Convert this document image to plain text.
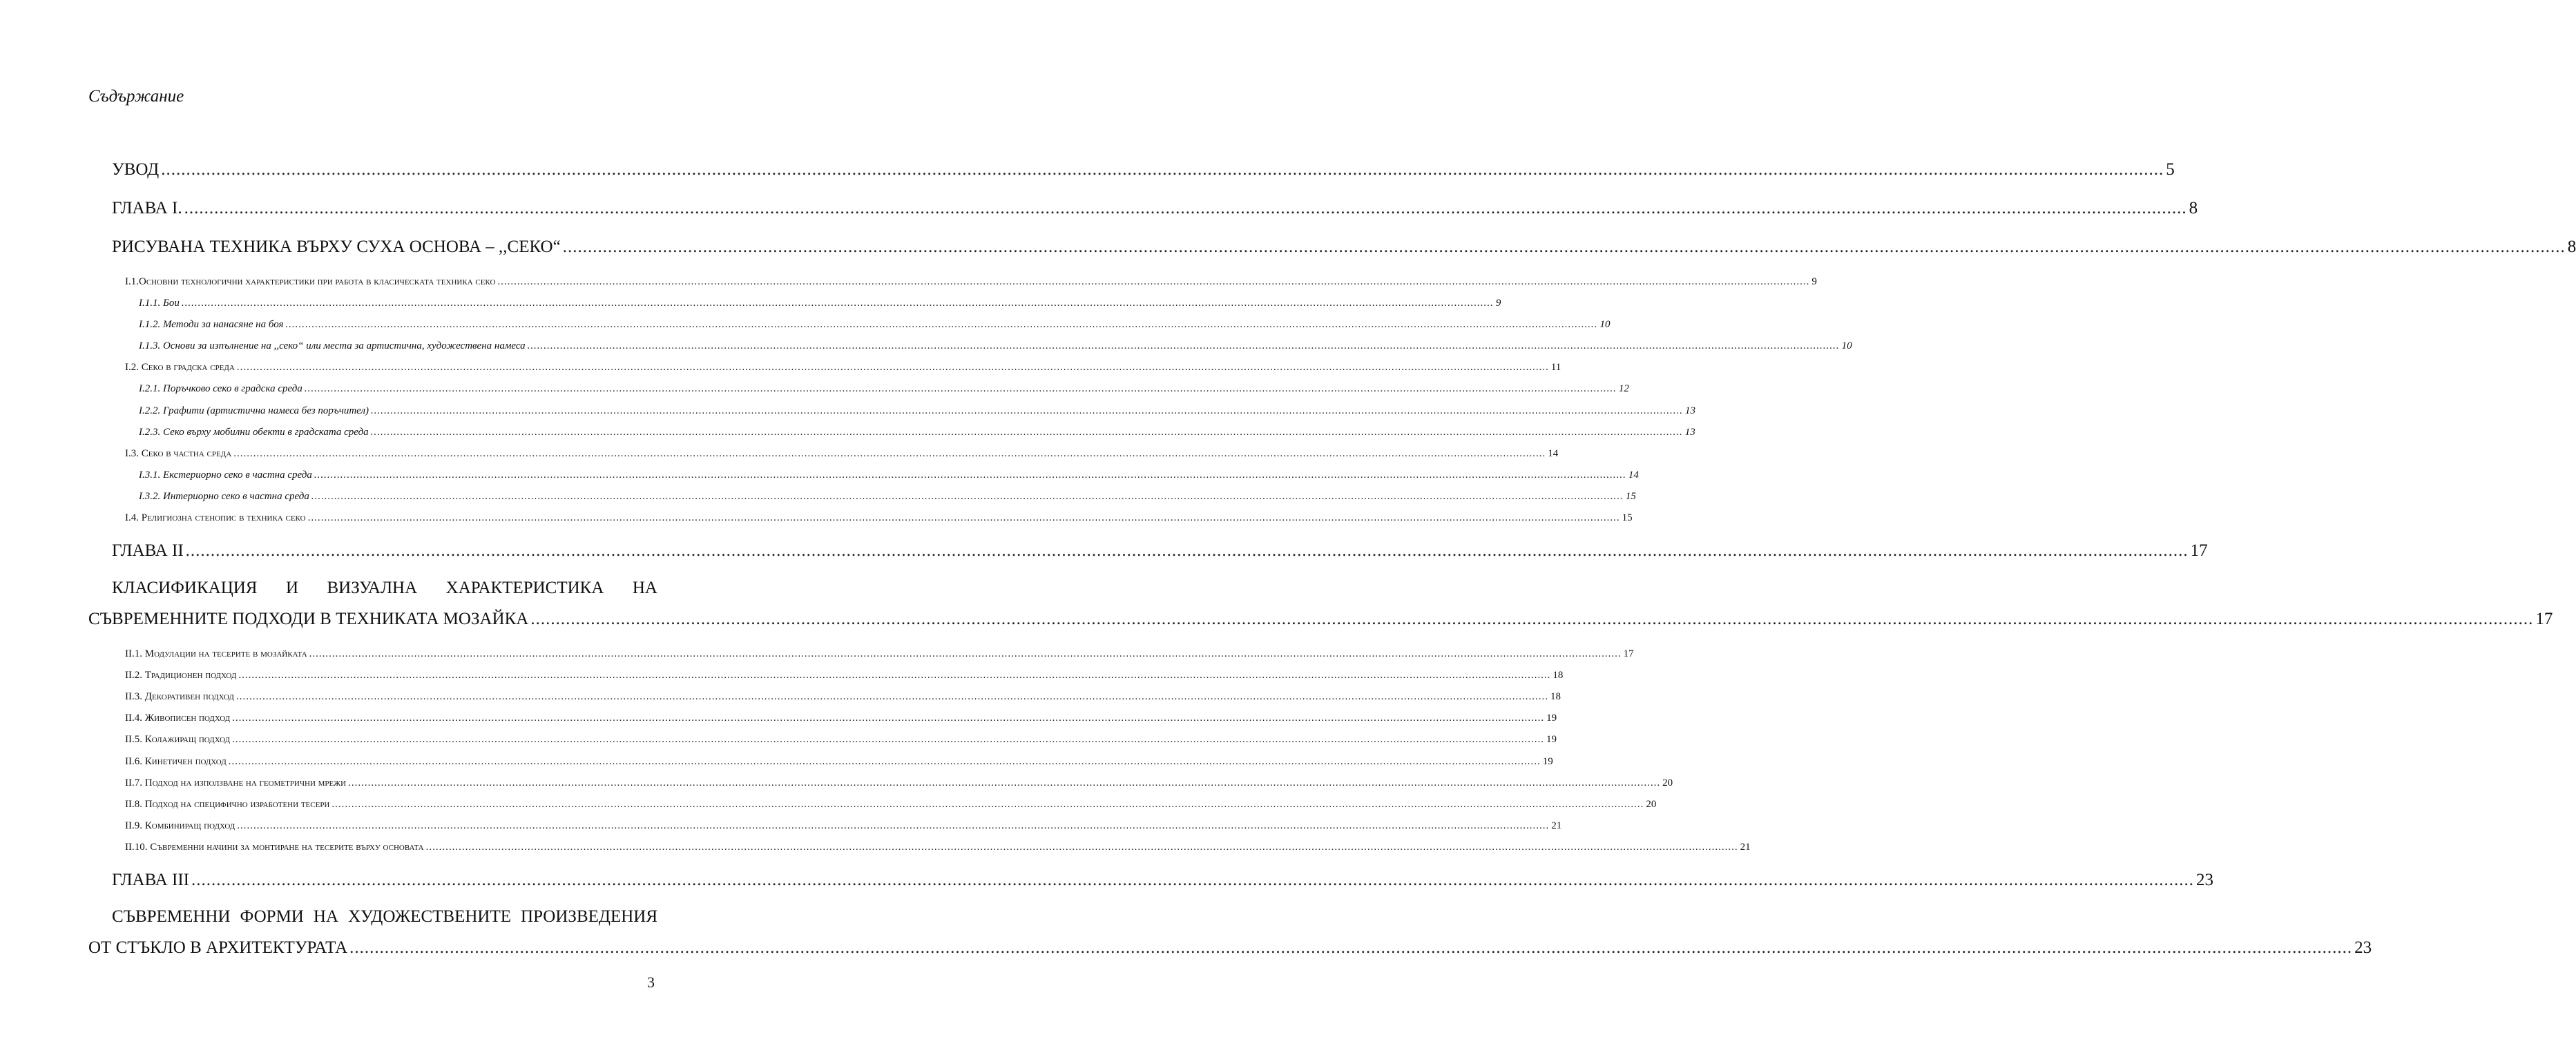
Съдържание
УВОД ................................................................................................................................................................................................................................................................................................................................................................................................................ 5
ГЛАВА I. ................................................................................................................................................................................................................................................................................................................................................................................................................ 8
РИСУВАНА ТЕХНИКА ВЪРХУ СУХА ОСНОВА – ,,СЕКО“ ................................................................................................................................................................................................................................................................................................................................................................................................................ 8
I.1.Основни технологични характеристики при работа в класическата техника секо ................................................................................................................................................................................................................................................................................................................................................................................................................ 9
I.1.1. Бои ................................................................................................................................................................................................................................................................................................................................................................................................................ 9
I.1.2. Методи за нанасяне на боя ................................................................................................................................................................................................................................................................................................................................................................................................................ 10
I.1.3. Основи за изпълнение на ,,секо“ или места за артистична, художествена намеса ................................................................................................................................................................................................................................................................................................................................................................................................................ 10
I.2. Секо в градска среда ................................................................................................................................................................................................................................................................................................................................................................................................................ 11
I.2.1. Поръчково секо в градска среда ................................................................................................................................................................................................................................................................................................................................................................................................................ 12
I.2.2. Графити (артистична намеса без поръчител) ................................................................................................................................................................................................................................................................................................................................................................................................................ 13
I.2.3. Секо върху мобилни обекти в градската среда ................................................................................................................................................................................................................................................................................................................................................................................................................ 13
I.3. Секо в частна среда ................................................................................................................................................................................................................................................................................................................................................................................................................ 14
I.3.1. Екстериорно секо в частна среда ................................................................................................................................................................................................................................................................................................................................................................................................................ 14
I.3.2. Интериорно секо в частна среда ................................................................................................................................................................................................................................................................................................................................................................................................................ 15
I.4. Религиозна стенопис в техника секо ................................................................................................................................................................................................................................................................................................................................................................................................................ 15
ГЛАВА II ................................................................................................................................................................................................................................................................................................................................................................................................................ 17
КЛАСИФИКАЦИЯ И ВИЗУАЛНА ХАРАКТЕРИСТИКА НА
СЪВРЕМЕННИТЕ ПОДХОДИ В ТЕХНИКАТА МОЗАЙКА ................................................................................................................................................................................................................................................................................................................................................................................................................ 17
II.1. Модулации на тесерите в мозайката ................................................................................................................................................................................................................................................................................................................................................................................................................ 17
II.2. Традиционен подход ................................................................................................................................................................................................................................................................................................................................................................................................................ 18
II.3. Декоративен подход ................................................................................................................................................................................................................................................................................................................................................................................................................ 18
II.4. Живописен подход ................................................................................................................................................................................................................................................................................................................................................................................................................ 19
II.5. Колажиращ подход ................................................................................................................................................................................................................................................................................................................................................................................................................ 19
II.6. Кинетичен подход ................................................................................................................................................................................................................................................................................................................................................................................................................ 19
II.7. Подход на използване на геометрични мрежи ................................................................................................................................................................................................................................................................................................................................................................................................................ 20
II.8. Подход на специфично изработени тесери ................................................................................................................................................................................................................................................................................................................................................................................................................ 20
II.9. Комбиниращ подход ................................................................................................................................................................................................................................................................................................................................................................................................................ 21
II.10. Съвременни начини за монтиране на тесерите върху основата ................................................................................................................................................................................................................................................................................................................................................................................................................ 21
ГЛАВА III ................................................................................................................................................................................................................................................................................................................................................................................................................ 23
СЪВРЕМЕННИ ФОРМИ НА ХУДОЖЕСТВЕНИТЕ ПРОИЗВЕДЕНИЯ
ОТ СТЪКЛО В АРХИТЕКТУРАТА ................................................................................................................................................................................................................................................................................................................................................................................................................ 23
3
